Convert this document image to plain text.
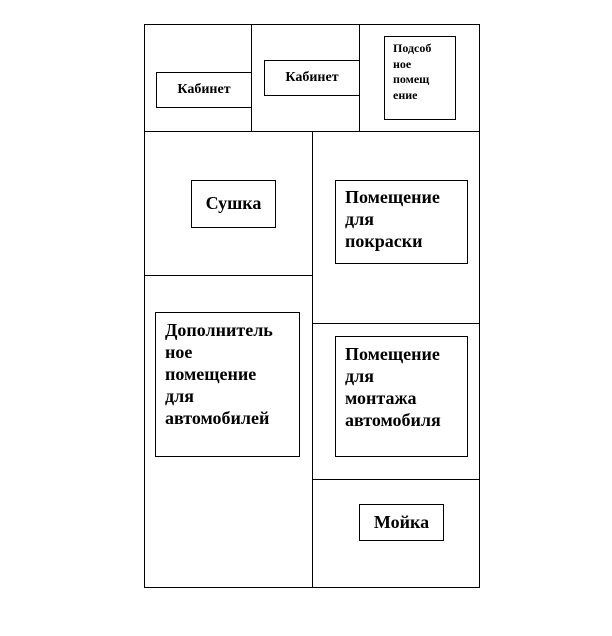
Кабинет
Кабинет
Подсоб
ное
помещ
ение
Сушка	Помещение
для
покраски
Дополнитель
ное
помещение
для
автомобилей
Помещение
для
монтажа
автомобиля
Мойка
